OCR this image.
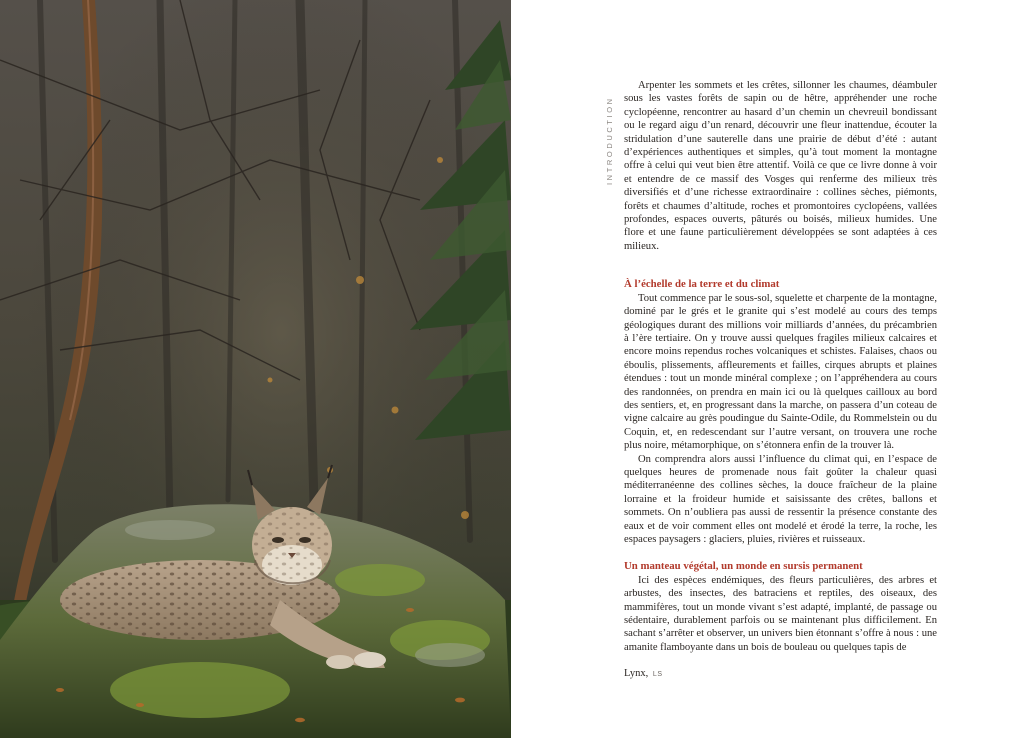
INTRODUCTION

Arpenter les sommets et les crêtes, sillonner les chaumes, déambuler sous les vastes forêts de sapin ou de hêtre, appréhender une roche cyclopéenne, rencontrer au hasard d’un chemin un chevreuil bondissant ou le regard aigu d’un renard, découvrir une fleur inattendue, écouter la stridulation d’une sauterelle dans une prairie de début d’été : autant d’expériences authentiques et simples, qu’à tout moment la montagne offre à celui qui veut bien être attentif. Voilà ce que ce livre donne à voir et entendre de ce massif des Vosges qui renferme des milieux très diversifiés et d’une richesse extraordinaire : collines sèches, piémonts, forêts et chaumes d’altitude, roches et promontoires cyclopéens, vallées profondes, espaces ouverts, pâturés ou boisés, milieux humides. Une flore et une faune particulièrement développées se sont adaptées à ces milieux.

À l’échelle de la terre et du climat

Tout commence par le sous-sol, squelette et charpente de la montagne, dominé par le grés et le granite qui s’est modelé au cours des temps géologiques durant des millions voir milliards d’années, du précambrien à l’ère tertiaire. On y trouve aussi quelques fragiles milieux calcaires et encore moins rependus roches volcaniques et schistes. Falaises, chaos ou éboulis, plissements, affleurements et failles, cirques abrupts et plaines étendues : tout un monde minéral complexe ; on l’appréhendera au cours des randonnées, on prendra en main ici ou là quelques cailloux au bord des sentiers, et, en progressant dans la marche, on passera d’un coteau de vigne calcaire au grès poudingue du Sainte-Odile, du Rommelstein ou du Coquin, et, en redescendant sur l’autre versant, on trouvera une roche plus noire, métamorphique, on s’étonnera enfin de la trouver là.

On comprendra alors aussi l’influence du climat qui, en l’espace de quelques heures de promenade nous fait goûter la chaleur quasi méditerranéenne des collines sèches, la douce fraîcheur de la plaine lorraine et la froideur humide et saisissante des crêtes, ballons et sommets. On n’oubliera pas aussi de ressentir la présence constante des eaux et de voir comment elles ont modelé et érodé la terre, la roche, les espaces paysagers : glaciers, pluies, rivières et ruisseaux.

Un manteau végétal, un monde en sursis permanent

Ici des espèces endémiques, des fleurs particulières, des arbres et arbustes, des insectes, des batraciens et reptiles, des oiseaux, des mammifères, tout un monde vivant s’est adapté, implanté, de passage ou sédentaire, durablement parfois ou se maintenant plus difficilement. En sachant s’arrêter et observer, un univers bien étonnant s’offre à nous : une amanite flamboyante dans un bois de bouleau ou quelques tapis de

Lynx, LS
